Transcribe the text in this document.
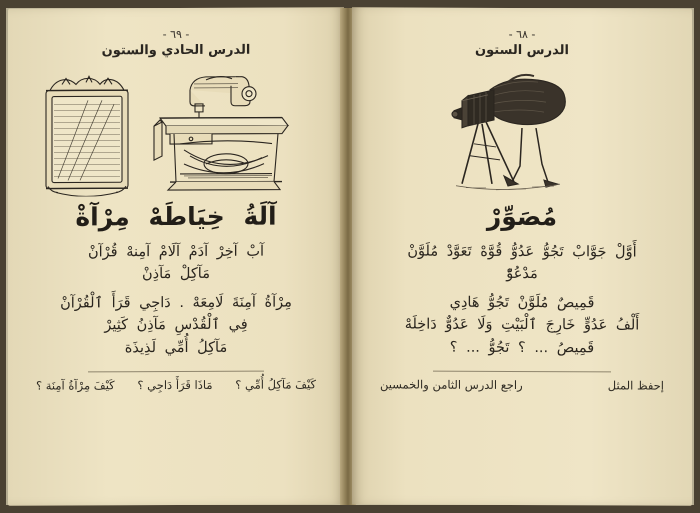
- ٦٩ -
الدرس الحادي والستون
آلَةُ خِيَاطَهْ مِرْآةْ
آبْ آخِرْ آدَمْ آلَامْ آمِنهْ قُرْآنْ
مَآكِلْ مَآذِنْ
مِرْآةُ آمِنَةَ لَامِعَهْ . دَاجِي قَرَأَ ٱلْقُرْآنْ
فِي ٱلْقُدْسِ مَآذِنُ كَثِيرْ
مَآكِلُ أُمِّي لَذِيذَة
كَيْفَ مِرْآةُ آمِنَة ؟ مَاذَا قَرَأَ دَاجِي ؟ كَيْفَ مَآكِلُ أُمِّي ؟
- ٦٨ -
الدرس الستون
مُصَوِّرْ
أَوَّلْ جَوَّابْ تَجُوُّ عَدُوُّ قُوَّهْ تَعَوَّدْ مُلَوَّنْ
مَدْعُوّْ
قَمِيصٌ مُلَوَّنْ تَجُوُّ هَادِي
أَلْفُ عَدُوٍّ خَارِجَ ٱلْبَيْتِ وَلَا عَدُوٌّ دَاخِلَهْ
قَمِيصُ ... ؟ تَجُوُّ ... ؟
راجع الدرس الثامن والخمسين	إحفظ المثل
